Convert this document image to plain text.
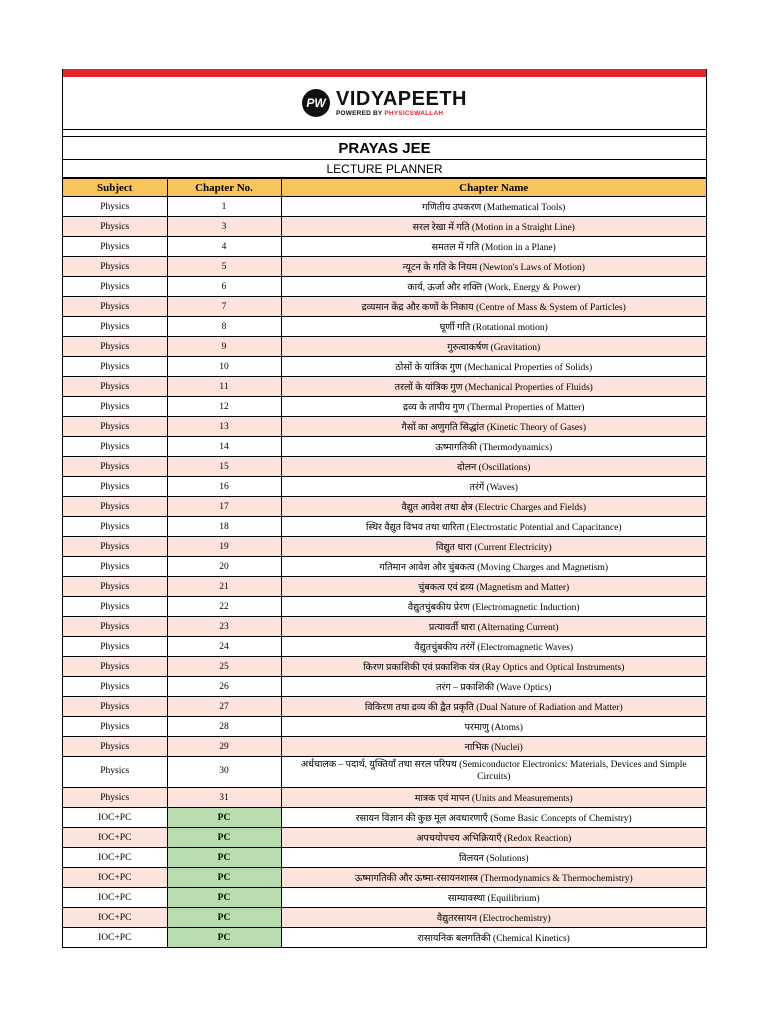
PW VIDYAPEETH
POWERED BY PHYSICSWALLAH
PRAYAS JEE
LECTURE PLANNER
Subject	Chapter No.	Chapter Name
Physics	1	गणितीय उपकरण (Mathematical Tools)
Physics	3	सरल रेखा में गति (Motion in a Straight Line)
Physics	4	समतल में गति (Motion in a Plane)
Physics	5	न्यूटन के गति के नियम (Newton's Laws of Motion)
Physics	6	कार्य, ऊर्जा और शक्ति (Work, Energy & Power)
Physics	7	द्रव्यमान केंद्र और कणों के निकाय (Centre of Mass & System of Particles)
Physics	8	घूर्णी गति (Rotational motion)
Physics	9	गुरुत्वाकर्षण (Gravitation)
Physics	10	ठोसों के यांत्रिक गुण (Mechanical Properties of Solids)
Physics	11	तरलों के यांत्रिक गुण (Mechanical Properties of Fluids)
Physics	12	द्रव्य के तापीय गुण (Thermal Properties of Matter)
Physics	13	गैसों का अणुगति सिद्धांत (Kinetic Theory of Gases)
Physics	14	ऊष्मागतिकी (Thermodynamics)
Physics	15	दोलन (Oscillations)
Physics	16	तरंगें (Waves)
Physics	17	वैद्युत आवेश तथा क्षेत्र (Electric Charges and Fields)
Physics	18	स्थिर वैद्युत विभव तथा धारिता (Electrostatic Potential and Capacitance)
Physics	19	विद्युत धारा (Current Electricity)
Physics	20	गतिमान आवेश और चुंबकत्व (Moving Charges and Magnetism)
Physics	21	चुंबकत्व एवं द्रव्य (Magnetism and Matter)
Physics	22	वैद्युतचुंबकीय प्रेरण (Electromagnetic Induction)
Physics	23	प्रत्यावर्ती धारा (Alternating Current)
Physics	24	वैद्युतचुंबकीय तरंगें (Electromagnetic Waves)
Physics	25	किरण प्रकाशिकी एवं प्रकाशिक यंत्र (Ray Optics and Optical Instruments)
Physics	26	तरंग – प्रकाशिकी (Wave Optics)
Physics	27	विकिरण तथा द्रव्य की द्वैत प्रकृति (Dual Nature of Radiation and Matter)
Physics	28	परमाणु (Atoms)
Physics	29	नाभिक (Nuclei)
Physics	30	अर्धचालक – पदार्थ, युक्तियाँ तथा सरल परिपथ (Semiconductor Electronics: Materials, Devices and Simple Circuits)
Physics	31	मात्रक एवं मापन (Units and Measurements)
IOC+PC	PC	रसायन विज्ञान की कुछ मूल अवधारणाएँ (Some Basic Concepts of Chemistry)
IOC+PC	PC	अपचयोपचय अभिक्रियाएँ (Redox Reaction)
IOC+PC	PC	विलयन (Solutions)
IOC+PC	PC	ऊष्मागतिकी और ऊष्मा-रसायनशास्त्र (Thermodynamics & Thermochemistry)
IOC+PC	PC	साम्यावस्था (Equilibrium)
IOC+PC	PC	वैद्युतरसायन (Electrochemistry)
IOC+PC	PC	रासायनिक बलगतिकी (Chemical Kinetics)
